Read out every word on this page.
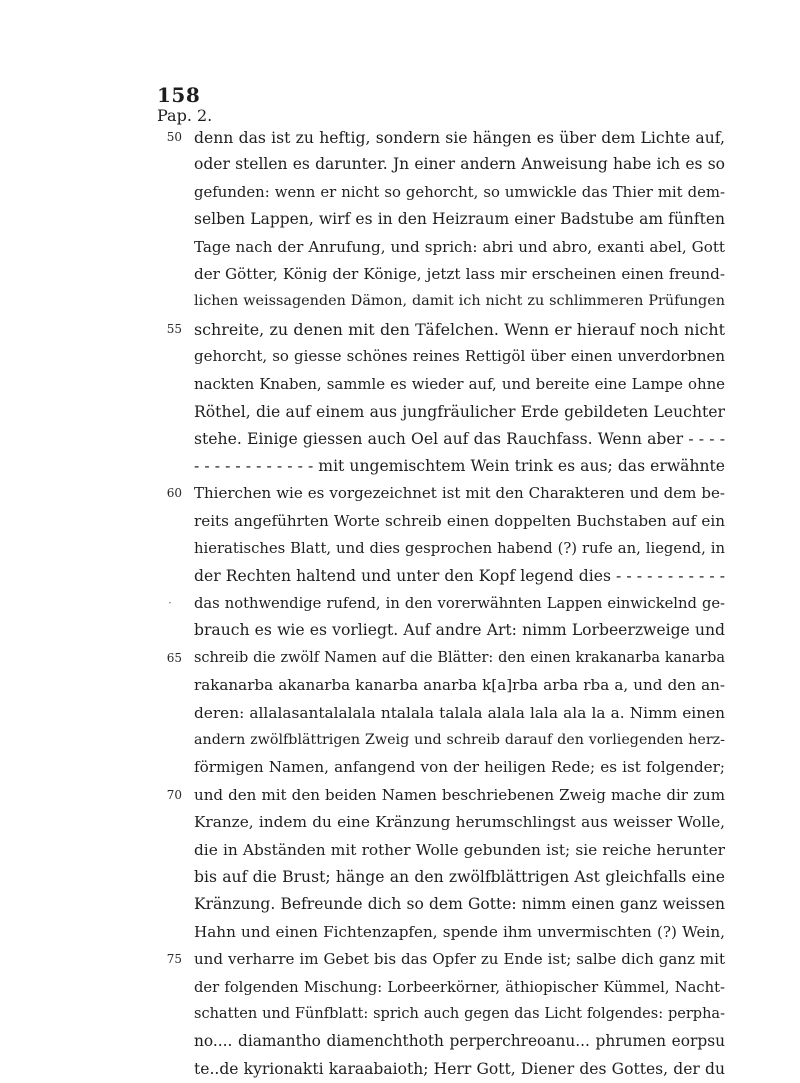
158
Pap. 2.
50 denn das ist zu heftig, sondern sie hängen es über dem Lichte auf,
oder stellen es darunter. Jn einer andern Anweisung habe ich es so
gefunden: wenn er nicht so gehorcht, so umwickle das Thier mit dem-
selben Lappen, wirf es in den Heizraum einer Badstube am fünften
Tage nach der Anrufung, und sprich: abri und abro, exanti abel, Gott
der Götter, König der Könige, jetzt lass mir erscheinen einen freund-
lichen weissagenden Dämon, damit ich nicht zu schlimmeren Prüfungen
55 schreite, zu denen mit den Täfelchen. Wenn er hierauf noch nicht
gehorcht, so giesse schönes reines Rettigöl über einen unverdorbnen
nackten Knaben, sammle es wieder auf, und bereite eine Lampe ohne
Röthel, die auf einem aus jungfräulicher Erde gebildeten Leuchter
stehe. Einige giessen auch Oel auf das Rauchfass. Wenn aber - - - -
- - - - - - - - - - - - mit ungemischtem Wein trink es aus; das erwähnte
60 Thierchen wie es vorgezeichnet ist mit den Charakteren und dem be-
reits angeführten Worte schreib einen doppelten Buchstaben auf ein
hieratisches Blatt, und dies gesprochen habend (?) rufe an, liegend, in
der Rechten haltend und unter den Kopf legend dies - - - - - - - - - - -
· das nothwendige rufend, in den vorerwähnten Lappen einwickelnd ge-
brauch es wie es vorliegt. Auf andre Art: nimm Lorbeerzweige und
65 schreib die zwölf Namen auf die Blätter: den einen krakanarba kanarba
rakanarba akanarba kanarba anarba k[a]rba arba rba a, und den an-
deren: allalasantalalala ntalala talala alala lala ala la a. Nimm einen
andern zwölfblättrigen Zweig und schreib darauf den vorliegenden herz-
förmigen Namen, anfangend von der heiligen Rede; es ist folgender;
70 und den mit den beiden Namen beschriebenen Zweig mache dir zum
Kranze, indem du eine Kränzung herumschlingst aus weisser Wolle,
die in Abständen mit rother Wolle gebunden ist; sie reiche herunter
bis auf die Brust; hänge an den zwölfblättrigen Ast gleichfalls eine
Kränzung. Befreunde dich so dem Gotte: nimm einen ganz weissen
Hahn und einen Fichtenzapfen, spende ihm unvermischten (?) Wein,
75 und verharre im Gebet bis das Opfer zu Ende ist; salbe dich ganz mit
der folgenden Mischung: Lorbeerkörner, äthiopischer Kümmel, Nacht-
schatten und Fünfblatt: sprich auch gegen das Licht folgendes: perpha-
no.... diamantho diamenchthoth perperchreoanu... phrumen eorpsu
te..de kyrionakti karaabaioth; Herr Gott, Diener des Gottes, der du
